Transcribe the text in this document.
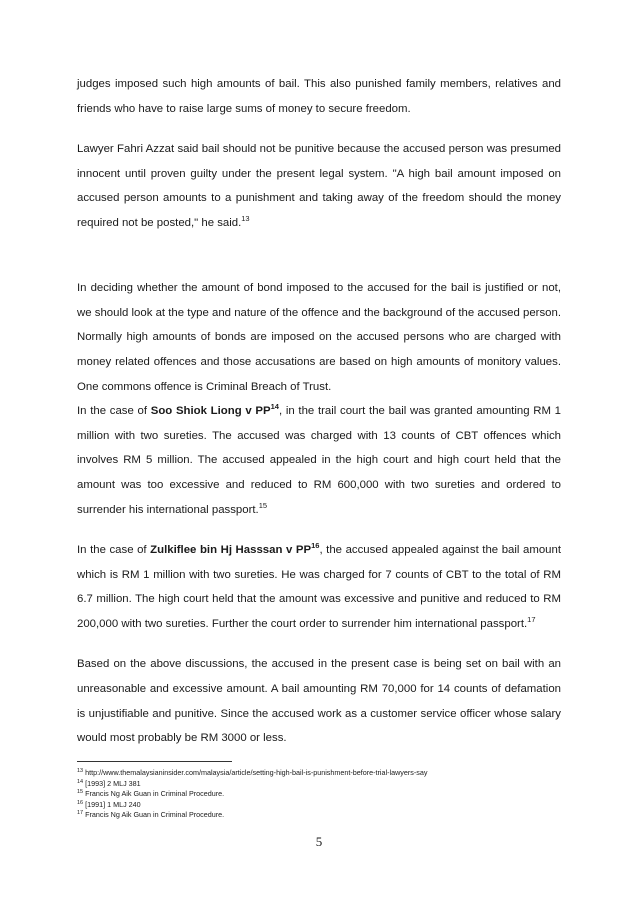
judges imposed such high amounts of bail. This also punished family members, relatives and friends who have to raise large sums of money to secure freedom.

Lawyer Fahri Azzat said bail should not be punitive because the accused person was presumed innocent until proven guilty under the present legal system. "A high bail amount imposed on accused person amounts to a punishment and taking away of the freedom should the money required not be posted," he said.$^{13}$

In deciding whether the amount of bond imposed to the accused for the bail is justified or not, we should look at the type and nature of the offence and the background of the accused person. Normally high amounts of bonds are imposed on the accused persons who are charged with money related offences and those accusations are based on high amounts of monitory values. One commons offence is Criminal Breach of Trust.

In the case of Soo Shiok Liong v PP$^{14}$, in the trail court the bail was granted amounting RM 1 million with two sureties. The accused was charged with 13 counts of CBT offences which involves RM 5 million. The accused appealed in the high court and high court held that the amount was too excessive and reduced to RM 600,000 with two sureties and ordered to surrender his international passport.$^{15}$

In the case of Zulkiflee bin Hj Hasssan v PP$^{16}$, the accused appealed against the bail amount which is RM 1 million with two sureties. He was charged for 7 counts of CBT to the total of RM 6.7 million. The high court held that the amount was excessive and punitive and reduced to RM 200,000 with two sureties. Further the court order to surrender him international passport.$^{17}$

Based on the above discussions, the accused in the present case is being set on bail with an unreasonable and excessive amount. A bail amounting RM 70,000 for 14 counts of defamation is unjustifiable and punitive. Since the accused work as a customer service officer whose salary would most probably be RM 3000 or less.

$^{13}$ http://www.themalaysianinsider.com/malaysia/article/setting-high-bail-is-punishment-before-trial-lawyers-say

$^{14}$ [1993] 2 MLJ 381

$^{15}$ Francis Ng Aik Guan in Criminal Procedure.

$^{16}$ [1991] 1 MLJ 240

$^{17}$ Francis Ng Aik Guan in Criminal Procedure.

5
